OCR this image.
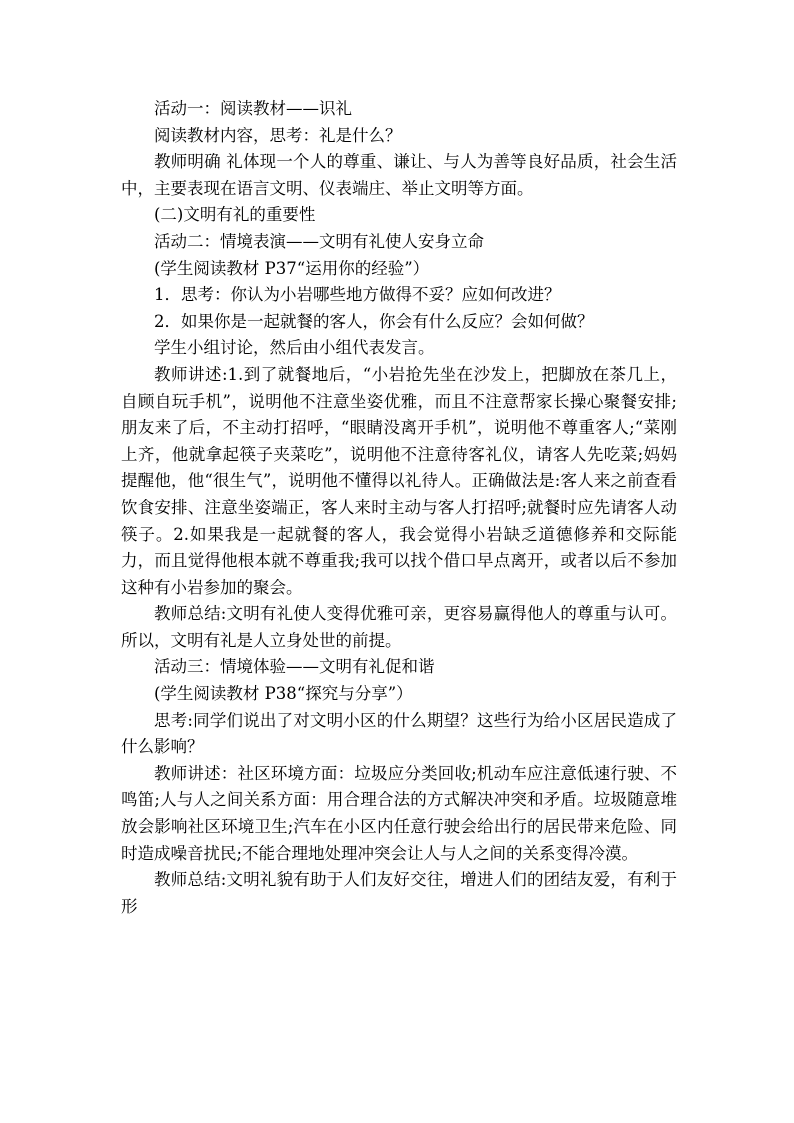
活动一：阅读教材——识礼

阅读教材内容，思考：礼是什么？

教师明确 礼体现一个人的尊重、谦让、与人为善等良好品质，社会生活中，主要表现在语言文明、仪表端庄、举止文明等方面。

(二)文明有礼的重要性

活动二：情境表演——文明有礼使人安身立命

(学生阅读教材 P37“运用你的经验”）

1．思考：你认为小岩哪些地方做得不妥？应如何改进？

2．如果你是一起就餐的客人，你会有什么反应？会如何做？

学生小组讨论，然后由小组代表发言。

教师讲述:1.到了就餐地后，“小岩抢先坐在沙发上，把脚放在茶几上，自顾自玩手机”，说明他不注意坐姿优雅，而且不注意帮家长操心聚餐安排;朋友来了后，不主动打招呼，“眼睛没离开手机”，说明他不尊重客人;“菜刚上齐，他就拿起筷子夹菜吃”，说明他不注意待客礼仪，请客人先吃菜;妈妈提醒他，他“很生气”，说明他不懂得以礼待人。正确做法是:客人来之前查看饮食安排、注意坐姿端正，客人来时主动与客人打招呼;就餐时应先请客人动筷子。2.如果我是一起就餐的客人，我会觉得小岩缺乏道德修养和交际能力，而且觉得他根本就不尊重我;我可以找个借口早点离开，或者以后不参加这种有小岩参加的聚会。

教师总结:文明有礼使人变得优雅可亲，更容易赢得他人的尊重与认可。所以，文明有礼是人立身处世的前提。

活动三：情境体验——文明有礼促和谐

(学生阅读教材 P38“探究与分享”）

思考:同学们说出了对文明小区的什么期望？这些行为给小区居民造成了什么影响？

教师讲述：社区环境方面：垃圾应分类回收;机动车应注意低速行驶、不鸣笛;人与人之间关系方面：用合理合法的方式解决冲突和矛盾。垃圾随意堆放会影响社区环境卫生;汽车在小区内任意行驶会给出行的居民带来危险、同时造成噪音扰民;不能合理地处理冲突会让人与人之间的关系变得冷漠。

教师总结:文明礼貌有助于人们友好交往，增进人们的团结友爱，有利于形
